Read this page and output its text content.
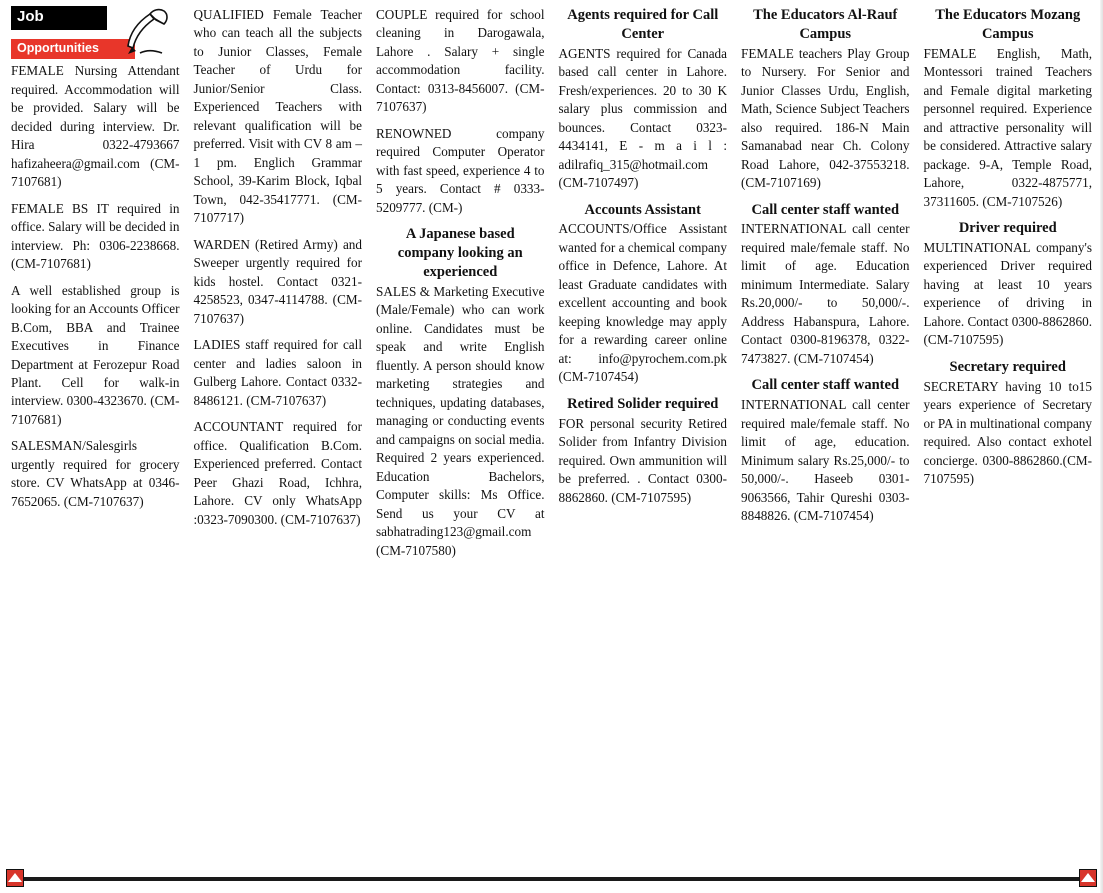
Job
Opportunities
FEMALE Nursing Attendant required. Accommodation will be provided. Salary will be decided during interview. Dr. Hira 0322-4793667 hafizaheera@gmail.com (CM-7107681)
FEMALE BS IT required in office. Salary will be decided in interview. Ph: 0306-2238668. (CM-7107681)
A well established group is looking for an Accounts Officer B.Com, BBA and Trainee Executives in Finance Department at Ferozepur Road Plant. Cell for walk-in interview. 0300-4323670. (CM-7107681)
SALESMAN/Salesgirls urgently required for grocery store. CV WhatsApp at 0346-7652065. (CM-7107637)
QUALIFIED Female Teacher who can teach all the subjects to Junior Classes, Female Teacher of Urdu for Junior/Senior Class. Experienced Teachers with relevant qualification will be preferred. Visit with CV 8 am – 1 pm. Englich Grammar School, 39-Karim Block, Iqbal Town, 042-35417771. (CM-7107717)
WARDEN (Retired Army) and Sweeper urgently required for kids hostel. Contact 0321-4258523, 0347-4114788. (CM-7107637)
LADIES staff required for call center and ladies saloon in Gulberg Lahore. Contact 0332-8486121. (CM-7107637)
ACCOUNTANT required for office. Qualification B.Com. Experienced preferred. Contact Peer Ghazi Road, Ichhra, Lahore. CV only WhatsApp :0323-7090300. (CM-7107637)
COUPLE required for school cleaning in Darogawala, Lahore . Salary + single accommodation facility. Contact: 0313-8456007. (CM-7107637)
RENOWNED company required Computer Operator with fast speed, experience 4 to 5 years. Contact # 0333-5209777. (CM-)
A Japanese based company looking an experienced
SALES & Marketing Executive (Male/Female) who can work online. Candidates must be speak and write English fluently. A person should know marketing strategies and techniques, updating databases, managing or conducting events and campaigns on social media. Required 2 years experienced. Education Bachelors, Computer skills: Ms Office. Send us your CV at sabhatrading123@gmail.com (CM-7107580)
Agents required for Call Center
AGENTS required for Canada based call center in Lahore. Fresh/experiences. 20 to 30 K salary plus commission and bounces. Contact 0323-4434141, E - m a i l : adilrafiq_315@hotmail.com (CM-7107497)
Accounts Assistant
ACCOUNTS/Office Assistant wanted for a chemical company office in Defence, Lahore. At least Graduate candidates with excellent accounting and book keeping knowledge may apply for a rewarding career online at: info@pyrochem.com.pk (CM-7107454)
Retired Solider required
FOR personal security Retired Solider from Infantry Division required. Own ammunition will be preferred. . Contact 0300-8862860. (CM-7107595)
The Educators Al-Rauf Campus
FEMALE teachers Play Group to Nursery. For Senior and Junior Classes Urdu, English, Math, Science Subject Teachers also required. 186-N Main Samanabad near Ch. Colony Road Lahore, 042-37553218. (CM-7107169)
Call center staff wanted
INTERNATIONAL call center required male/female staff. No limit of age. Education minimum Intermediate. Salary Rs.20,000/- to 50,000/-. Address Habanspura, Lahore. Contact 0300-8196378, 0322-7473827. (CM-7107454)
Call center staff wanted
INTERNATIONAL call center required male/female staff. No limit of age, education. Minimum salary Rs.25,000/- to 50,000/-. Haseeb 0301-9063566, Tahir Qureshi 0303-8848826. (CM-7107454)
The Educators Mozang Campus
FEMALE English, Math, Montessori trained Teachers and Female digital marketing personnel required. Experience and attractive personality will be considered. Attractive salary package. 9-A, Temple Road, Lahore, 0322-4875771, 37311605. (CM-7107526)
Driver required
MULTINATIONAL company's experienced Driver required having at least 10 years experience of driving in Lahore. Contact 0300-8862860. (CM-7107595)
Secretary required
SECRETARY having 10 to15 years experience of Secretary or PA in multinational company required. Also contact exhotel concierge. 0300-8862860.(CM-7107595)
